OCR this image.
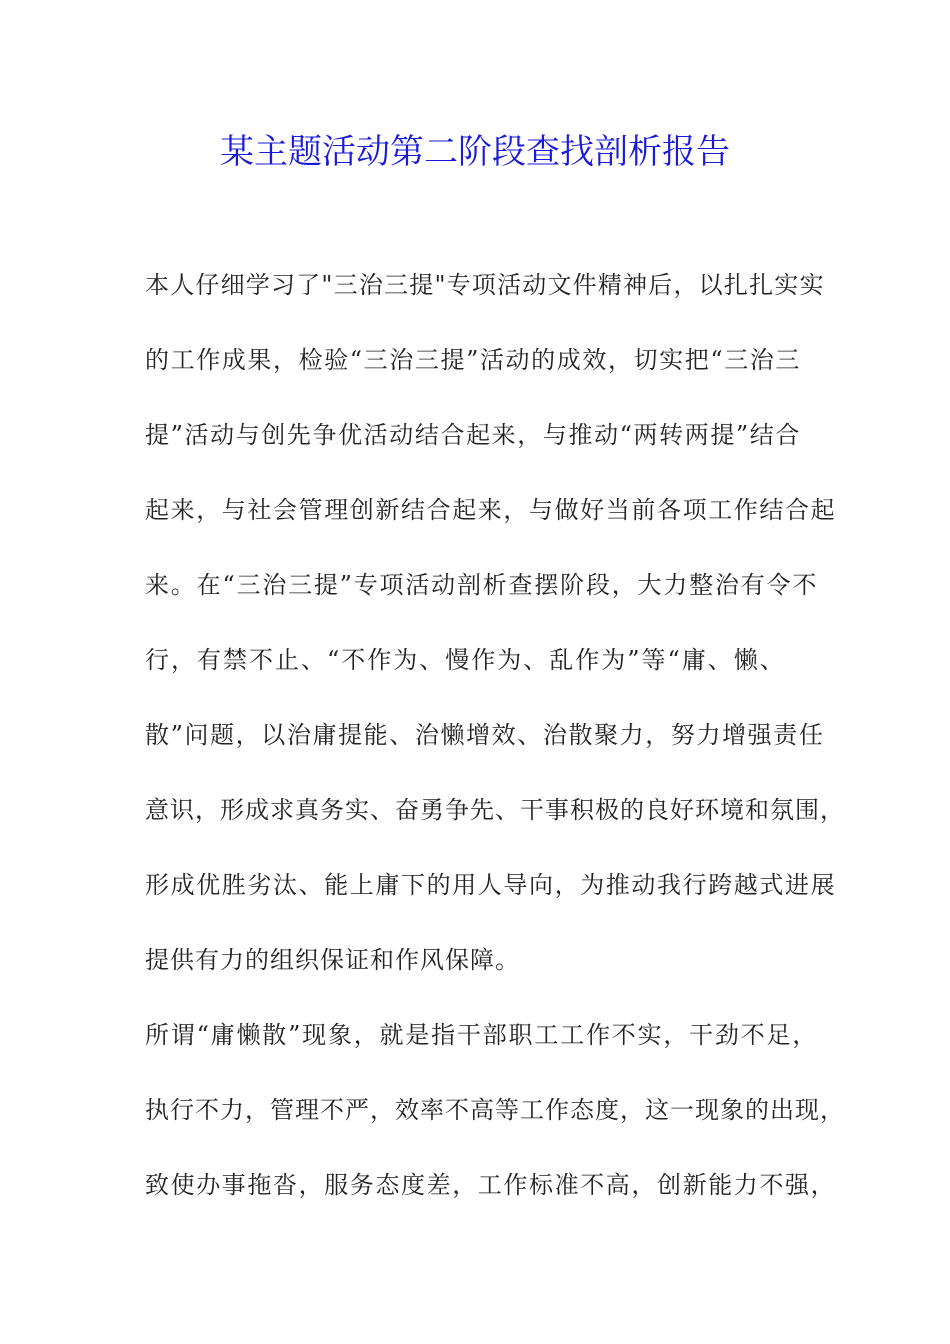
某主题活动第二阶段查找剖析报告

本人仔细学习了"三治三提"专项活动文件精神后，以扎扎实实

的工作成果，检验“三治三提”活动的成效，切实把“三治三

提”活动与创先争优活动结合起来，与推动“两转两提”结合

起来，与社会管理创新结合起来，与做好当前各项工作结合起

来。在“三治三提”专项活动剖析查摆阶段，大力整治有令不

行，有禁不止、“不作为、慢作为、乱作为”等“庸、懒、

散”问题，以治庸提能、治懒增效、治散聚力，努力增强责任

意识，形成求真务实、奋勇争先、干事积极的良好环境和氛围，

形成优胜劣汰、能上庸下的用人导向，为推动我行跨越式进展

提供有力的组织保证和作风保障。

所谓“庸懒散”现象，就是指干部职工工作不实，干劲不足，

执行不力，管理不严，效率不高等工作态度，这一现象的出现，

致使办事拖沓，服务态度差，工作标准不高，创新能力不强，
